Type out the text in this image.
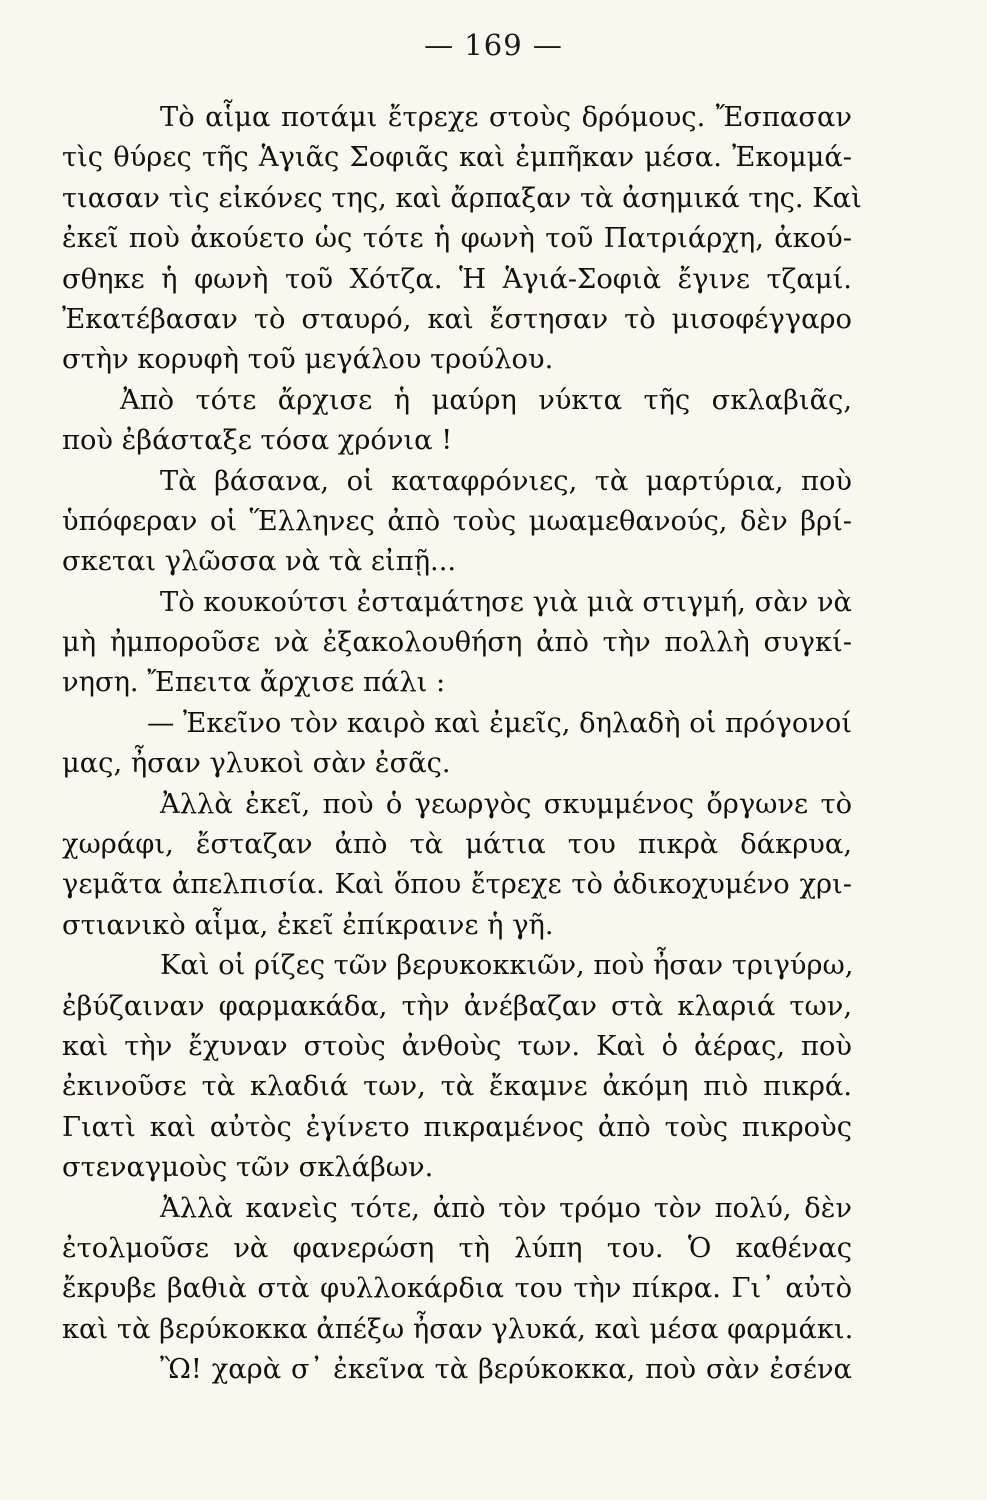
— 169 —
Τὸ αἷμα ποτάμι ἔτρεχε στοὺς δρόμους. Ἔσπασαν
τὶς θύρες τῆς Ἁγιᾶς Σοφιᾶς καὶ ἐμπῆκαν μέσα. Ἐκομμά-
τιασαν τὶς εἰκόνες της, καὶ ἄρπαξαν τὰ ἀσημικά της. Καὶ
ἐκεῖ ποὺ ἀκούετο ὡς τότε ἡ φωνὴ τοῦ Πατριάρχη, ἀκού-
σθηκε ἡ φωνὴ τοῦ Χότζα. Ἡ Ἁγιά-Σοφιὰ ἔγινε τζαμί.
Ἐκατέβασαν τὸ σταυρό, καὶ ἔστησαν τὸ μισοφέγγαρο
στὴν κορυφὴ τοῦ μεγάλου τρούλου.
Ἀπὸ τότε ἄρχισε ἡ μαύρη νύκτα τῆς σκλαβιᾶς,
ποὺ ἐβάσταξε τόσα χρόνια !
Τὰ βάσανα, οἱ καταφρόνιες, τὰ μαρτύρια, ποὺ
ὑπόφεραν οἱ Ἕλληνες ἀπὸ τοὺς μωαμεθανούς, δὲν βρί-
σκεται γλῶσσα νὰ τὰ εἰπῇ...
Τὸ κουκούτσι ἐσταμάτησε γιὰ μιὰ στιγμή, σὰν νὰ
μὴ ἠμποροῦσε νὰ ἐξακολουθήση ἀπὸ τὴν πολλὴ συγκί-
νηση. Ἔπειτα ἄρχισε πάλι :
— Ἐκεῖνο τὸν καιρὸ καὶ ἐμεῖς, δηλαδὴ οἱ πρόγονοί
μας, ἦσαν γλυκοὶ σὰν ἐσᾶς.
Ἀλλὰ ἐκεῖ, ποὺ ὁ γεωργὸς σκυμμένος ὄργωνε τὸ
χωράφι, ἔσταζαν ἀπὸ τὰ μάτια του πικρὰ δάκρυα,
γεμᾶτα ἀπελπισία. Καὶ ὅπου ἔτρεχε τὸ ἀδικοχυμένο χρι-
στιανικὸ αἷμα, ἐκεῖ ἐπίκραινε ἡ γῆ.
Καὶ οἱ ρίζες τῶν βερυκοκκιῶν, ποὺ ἦσαν τριγύρω,
ἐβύζαιναν φαρμακάδα, τὴν ἀνέβαζαν στὰ κλαριά των,
καὶ τὴν ἔχυναν στοὺς ἀνθοὺς των. Καὶ ὁ ἀέρας, ποὺ
ἐκινοῦσε τὰ κλαδιά των, τὰ ἔκαμνε ἀκόμη πιὸ πικρά.
Γιατὶ καὶ αὐτὸς ἐγίνετο πικραμένος ἀπὸ τοὺς πικροὺς
στεναγμοὺς τῶν σκλάβων.
Ἀλλὰ κανεὶς τότε, ἀπὸ τὸν τρόμο τὸν πολύ, δὲν
ἐτολμοῦσε νὰ φανερώση τὴ λύπη του. Ὁ καθένας
ἔκρυβε βαθιὰ στὰ φυλλοκάρδια του τὴν πίκρα. Γι᾽ αὐτὸ
καὶ τὰ βερύκοκκα ἀπέξω ἦσαν γλυκά, καὶ μέσα φαρμάκι.
Ὢ! χαρὰ σ᾽ ἐκεῖνα τὰ βερύκοκκα, ποὺ σὰν ἐσένα
